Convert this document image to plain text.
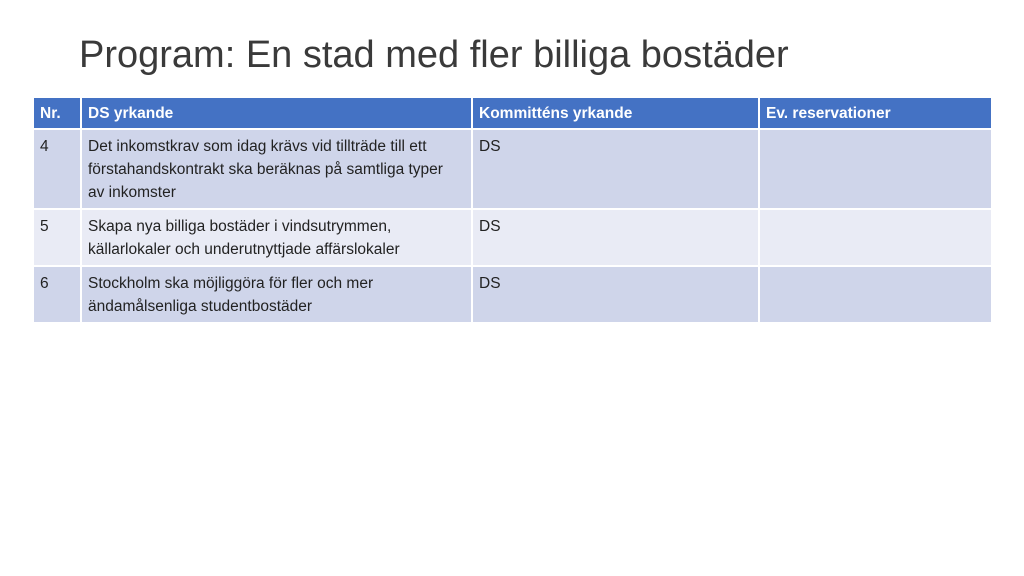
Program: En stad med fler billiga bostäder
Nr.	DS yrkande	Kommitténs yrkande	Ev. reservationer
4	Det inkomstkrav som idag krävs vid tillträde till ett förstahandskontrakt ska beräknas på samtliga typer av inkomster	DS	
5	Skapa nya billiga bostäder i vindsutrymmen, källarlokaler och underutnyttjade affärslokaler	DS	
6	Stockholm ska möjliggöra för fler och mer ändamålsenliga studentbostäder	DS	
